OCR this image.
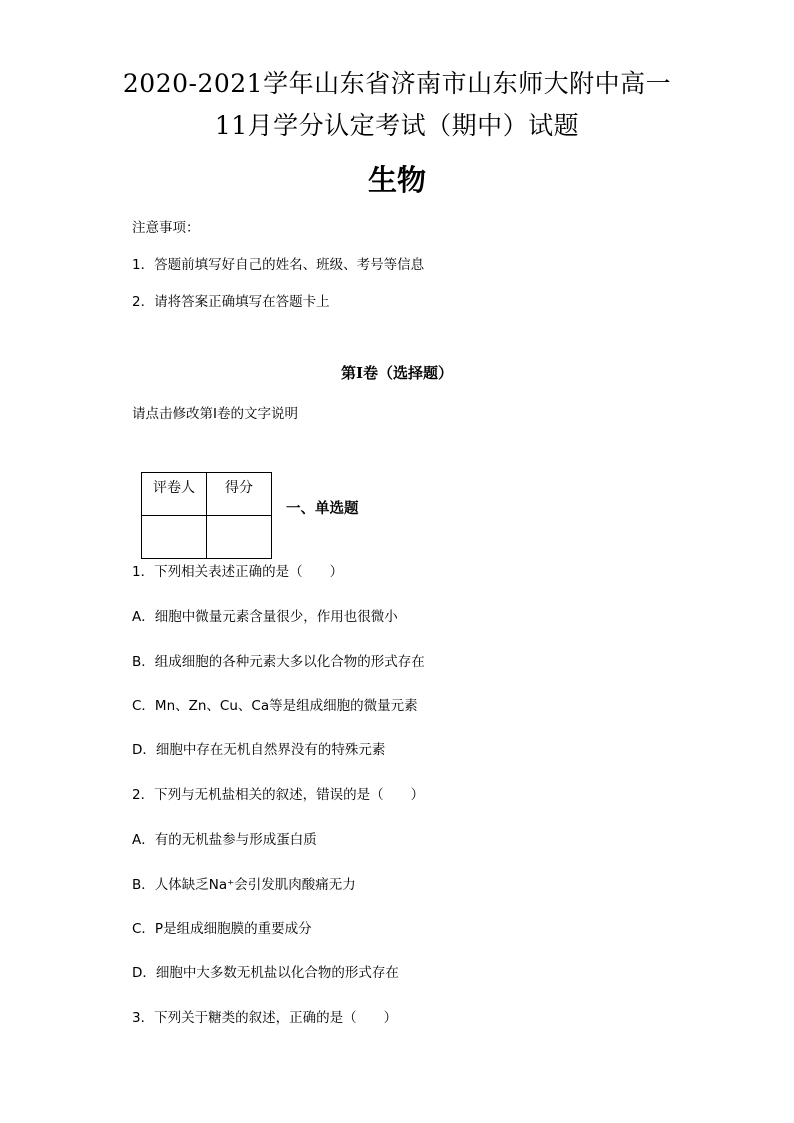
2020-2021学年山东省济南市山东师大附中高一
11月学分认定考试（期中）试题
生物
注意事项：
1．答题前填写好自己的姓名、班级、考号等信息
2．请将答案正确填写在答题卡上
第I卷（选择题）
请点击修改第I卷的文字说明
评卷人	得分

一、单选题
1．下列相关表述正确的是（　　）
A．细胞中微量元素含量很少，作用也很微小
B．组成细胞的各种元素大多以化合物的形式存在
C．Mn、Zn、Cu、Ca等是组成细胞的微量元素
D．细胞中存在无机自然界没有的特殊元素
2．下列与无机盐相关的叙述，错误的是（　　）
A．有的无机盐参与形成蛋白质
B．人体缺乏Na⁺会引发肌肉酸痛无力
C．P是组成细胞膜的重要成分
D．细胞中大多数无机盐以化合物的形式存在
3．下列关于糖类的叙述，正确的是（　　）
